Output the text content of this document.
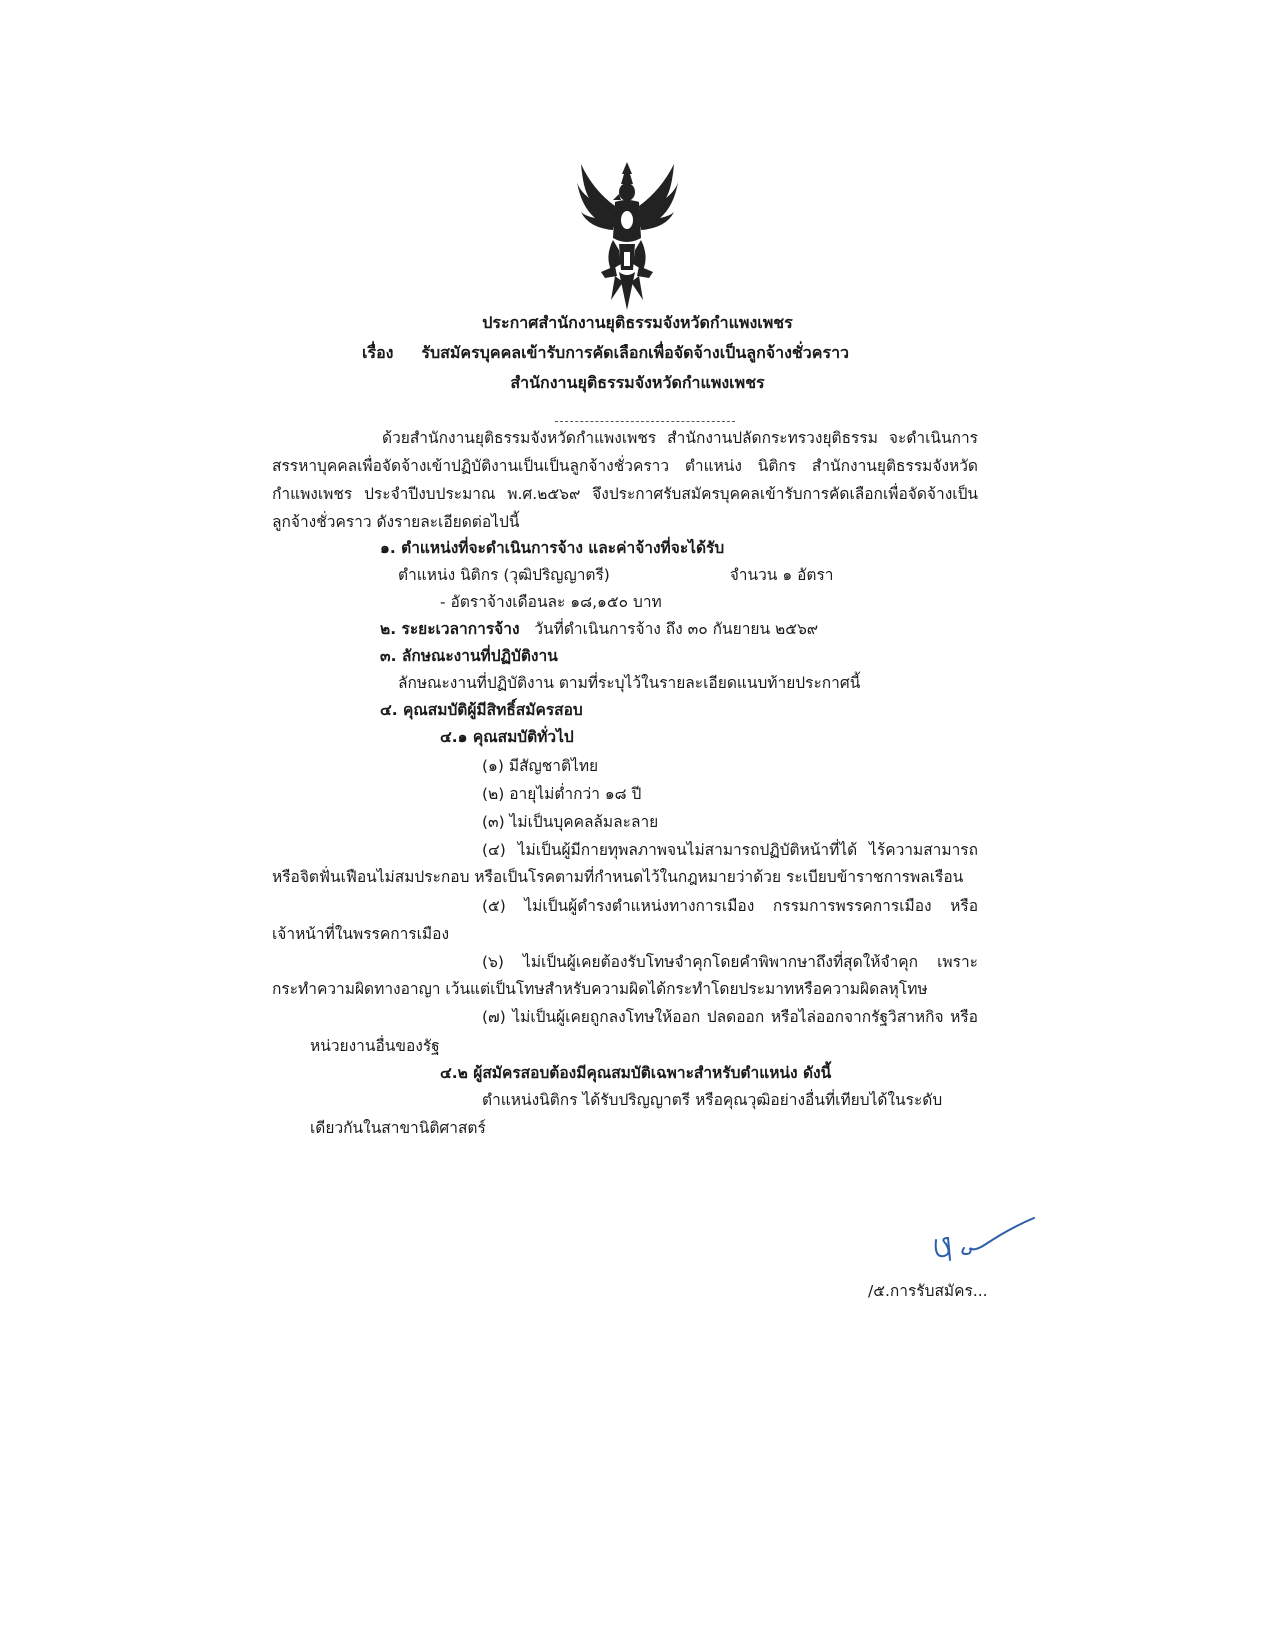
ประกาศสำนักงานยุติธรรมจังหวัดกำแพงเพชร
เรื่อง รับสมัครบุคคลเข้ารับการคัดเลือกเพื่อจัดจ้างเป็นลูกจ้างชั่วคราว
สำนักงานยุติธรรมจังหวัดกำแพงเพชร
ด้วยสำนักงานยุติธรรมจังหวัดกำแพงเพชร สำนักงานปลัดกระทรวงยุติธรรม จะดำเนินการ
สรรหาบุคคลเพื่อจัดจ้างเข้าปฏิบัติงานเป็นเป็นลูกจ้างชั่วคราว ตำแหน่ง นิติกร สำนักงานยุติธรรมจังหวัด
กำแพงเพชร ประจำปีงบประมาณ พ.ศ.๒๕๖๙ จึงประกาศรับสมัครบุคคลเข้ารับการคัดเลือกเพื่อจัดจ้างเป็น
ลูกจ้างชั่วคราว ดังรายละเอียดต่อไปนี้
๑. ตำแหน่งที่จะดำเนินการจ้าง และค่าจ้างที่จะได้รับ
ตำแหน่ง นิติกร (วุฒิปริญญาตรี)	จำนวน ๑ อัตรา
- อัตราจ้างเดือนละ ๑๘,๑๕๐ บาท
๒. ระยะเวลาการจ้าง วันที่ดำเนินการจ้าง ถึง ๓๐ กันยายน ๒๕๖๙
๓. ลักษณะงานที่ปฏิบัติงาน
ลักษณะงานที่ปฏิบัติงาน ตามที่ระบุไว้ในรายละเอียดแนบท้ายประกาศนี้
๔. คุณสมบัติผู้มีสิทธิ์สมัครสอบ
๔.๑ คุณสมบัติทั่วไป
(๑) มีสัญชาติไทย
(๒) อายุไม่ต่ำกว่า ๑๘ ปี
(๓) ไม่เป็นบุคคลล้มละลาย
(๔) ไม่เป็นผู้มีกายทุพลภาพจนไม่สามารถปฏิบัติหน้าที่ได้ ไร้ความสามารถ
หรือจิตฟั่นเฟือนไม่สมประกอบ หรือเป็นโรคตามที่กำหนดไว้ในกฎหมายว่าด้วย ระเบียบข้าราชการพลเรือน
(๕) ไม่เป็นผู้ดำรงตำแหน่งทางการเมือง กรรมการพรรคการเมือง หรือ
เจ้าหน้าที่ในพรรคการเมือง
(๖) ไม่เป็นผู้เคยต้องรับโทษจำคุกโดยคำพิพากษาถึงที่สุดให้จำคุก เพราะ
กระทำความผิดทางอาญา เว้นแต่เป็นโทษสำหรับความผิดได้กระทำโดยประมาทหรือความผิดลหุโทษ
(๗) ไม่เป็นผู้เคยถูกลงโทษให้ออก ปลดออก หรือไล่ออกจากรัฐวิสาหกิจ หรือ
หน่วยงานอื่นของรัฐ
๔.๒ ผู้สมัครสอบต้องมีคุณสมบัติเฉพาะสำหรับตำแหน่ง ดังนี้
ตำแหน่งนิติกร ได้รับปริญญาตรี หรือคุณวุฒิอย่างอื่นที่เทียบได้ในระดับ
เดียวกันในสาขานิติศาสตร์
/๕.การรับสมัคร...
